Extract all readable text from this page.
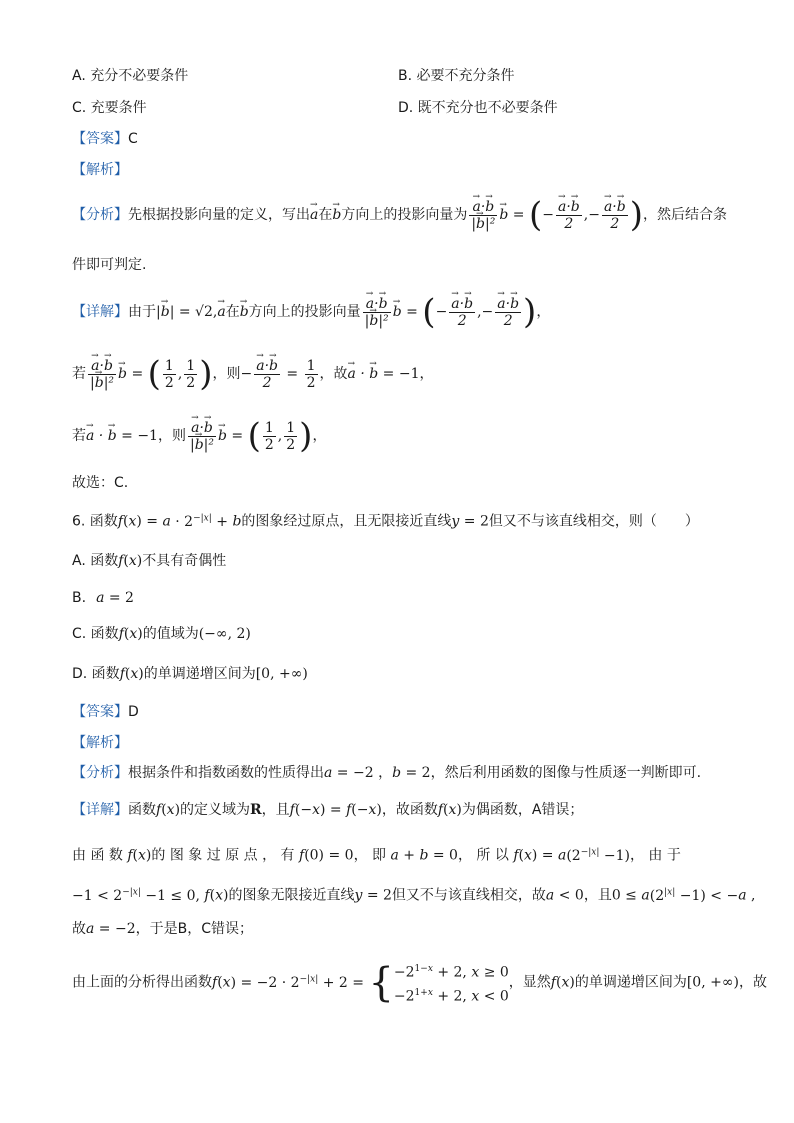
A. 充分不必要条件	B. 必要不充分条件
C. 充要条件	D. 既不充分也不必要条件
【答案】C
【解析】
【分析】先根据投影向量的定义，写出→ a在→ b方向上的投影向量为
→ $\frac{a\cdot\to b}{\text{|→ b|²}}$
→ b = (−
→ $\frac{a\cdot\to b}{2}$ ,−
→ $\frac{a\cdot\to b}{2}$ )，然后结合条
件即可判定.
【详解】由于|→ b| = √2,→ a在→ b方向上的投影向量
→ $\frac{a\cdot\to b}{\text{|→ b|²}}$
→ b = (−
→ $\frac{a\cdot\to b}{2}$ ,−
→ $\frac{a\cdot\to b}{2}$ )，
若
→ $\frac{a\cdot\to b}{\text{|→ b|²}}$
→ b = ( $\frac{1}{2}$ , $\frac{1}{2}$ )，则−
→ $\frac{a\cdot\to b}{2} = \frac{1}{2}$ ，故→ a · → b = −1，
若→ a · → b = −1，则
→ $\frac{a\cdot\to b}{\text{|→ b|²}}$
→ b = ( $\frac{1}{2}$ , $\frac{1}{2}$ )，
故选：C.
6. 函数$f(x) = a \cdot 2^{-|x|} + b$的图象经过原点，且无限接近直线y = 2但又不与该直线相交，则（　　）
A. 函数f(x)不具有奇偶性
B. a = 2
C. 函数f(x)的值域为(−∞, 2)
D. 函数f(x)的单调递增区间为[0, +∞)
【答案】D
【解析】
【分析】根据条件和指数函数的性质得出a = −2 ，b = 2，然后利用函数的图像与性质逐一判断即可.
【详解】函数f(x)的定义域为R，且f(−x) = f(−x)，故函数f(x)为偶函数，A错误；
由 函 数 f(x)的 图 象 过 原 点 ， 有 f(0) = 0， 即 a + b = 0， 所 以 $f(x) = a(2^{-|x|} -1)$， 由 于
$-1 < 2^{-|x|} -1 \le 0$, f(x)的图象无限接近直线y = 2但又不与该直线相交，故a < 0，且$0 \le a(2^{|x|} -1) < -a$ ,
故a = −2，于是B，C错误；
由上面的分析得出函数$f(x) = -2 \cdot 2^{-|x|} + 2$ = { $-2^{1-x} + 2$, x ≥ 0
$-2^{1+x} + 2$, x < 0
，显然f(x)的单调递增区间为[0, +∞)，故
